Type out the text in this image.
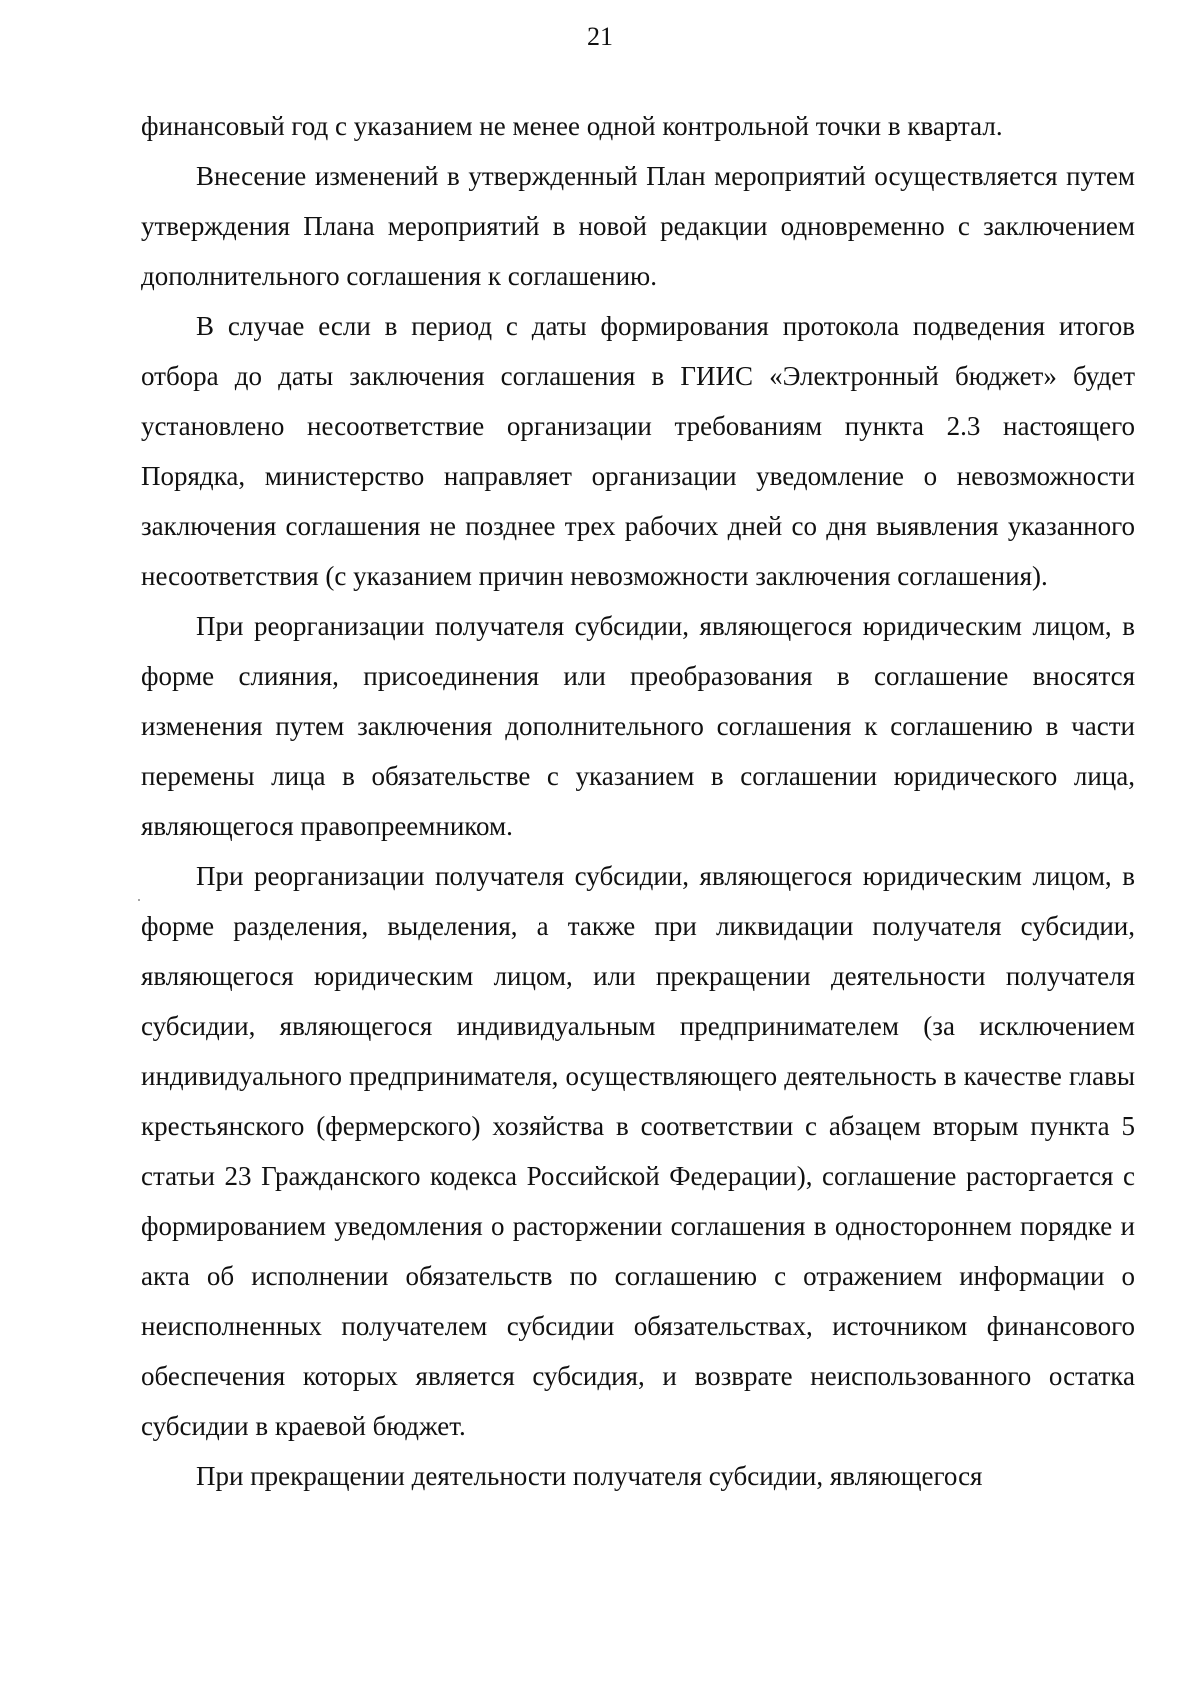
21

финансовый год с указанием не менее одной контрольной точки в квартал.

Внесение изменений в утвержденный План мероприятий осуществляется путем утверждения Плана мероприятий в новой редакции одновременно с заключением дополнительного соглашения к соглашению.

В случае если в период с даты формирования протокола подведения итогов отбора до даты заключения соглашения в ГИИС «Электронный бюджет» будет установлено несоответствие организации требованиям пункта 2.3 настоящего Порядка, министерство направляет организации уведомление о невозможности заключения соглашения не позднее трех рабочих дней со дня выявления указанного несоответствия (с указанием причин невозможности заключения соглашения).

При реорганизации получателя субсидии, являющегося юридическим лицом, в форме слияния, присоединения или преобразования в соглашение вносятся изменения путем заключения дополнительного соглашения к соглашению в части перемены лица в обязательстве с указанием в соглашении юридического лица, являющегося правопреемником.

При реорганизации получателя субсидии, являющегося юридическим лицом, в форме разделения, выделения, а также при ликвидации получателя субсидии, являющегося юридическим лицом, или прекращении деятельности получателя субсидии, являющегося индивидуальным предпринимателем (за исключением индивидуального предпринимателя, осуществляющего деятельность в качестве главы крестьянского (фермерского) хозяйства в соответствии с абзацем вторым пункта 5 статьи 23 Гражданского кодекса Российской Федерации), соглашение расторгается с формированием уведомления о расторжении соглашения в одностороннем порядке и акта об исполнении обязательств по соглашению с отражением информации о неисполненных получателем субсидии обязательствах, источником финансового обеспечения которых является субсидия, и возврате неиспользованного остатка субсидии в краевой бюджет.

При прекращении деятельности получателя субсидии, являющегося
